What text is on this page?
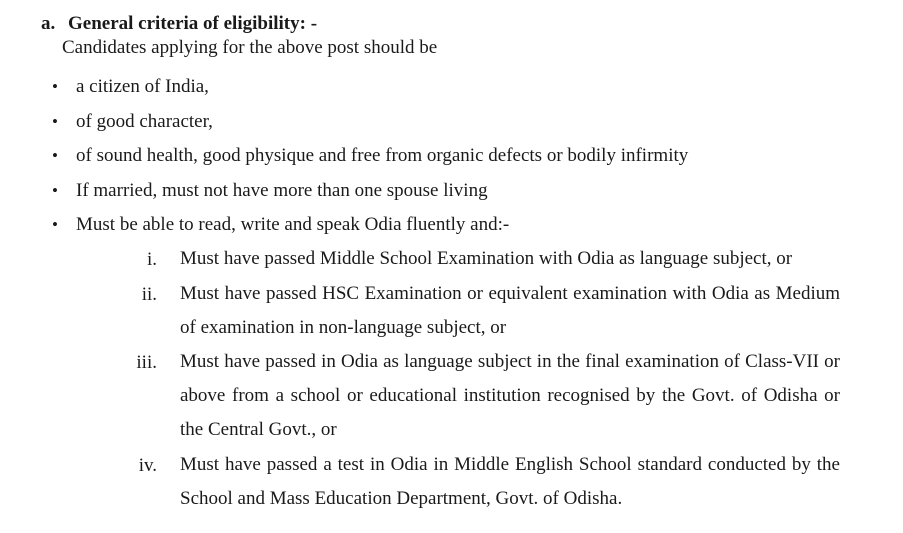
a. General criteria of eligibility: -
Candidates applying for the above post should be
• a citizen of India,
• of good character,
• of sound health, good physique and free from organic defects or bodily infirmity
• If married, must not have more than one spouse living
• Must be able to read, write and speak Odia fluently and:-
i. Must have passed Middle School Examination with Odia as language subject, or
ii. Must have passed HSC Examination or equivalent examination with Odia as Medium of examination in non-language subject, or
iii. Must have passed in Odia as language subject in the final examination of Class-VII or above from a school or educational institution recognised by the Govt. of Odisha or the Central Govt., or
iv. Must have passed a test in Odia in Middle English School standard conducted by the School and Mass Education Department, Govt. of Odisha.
